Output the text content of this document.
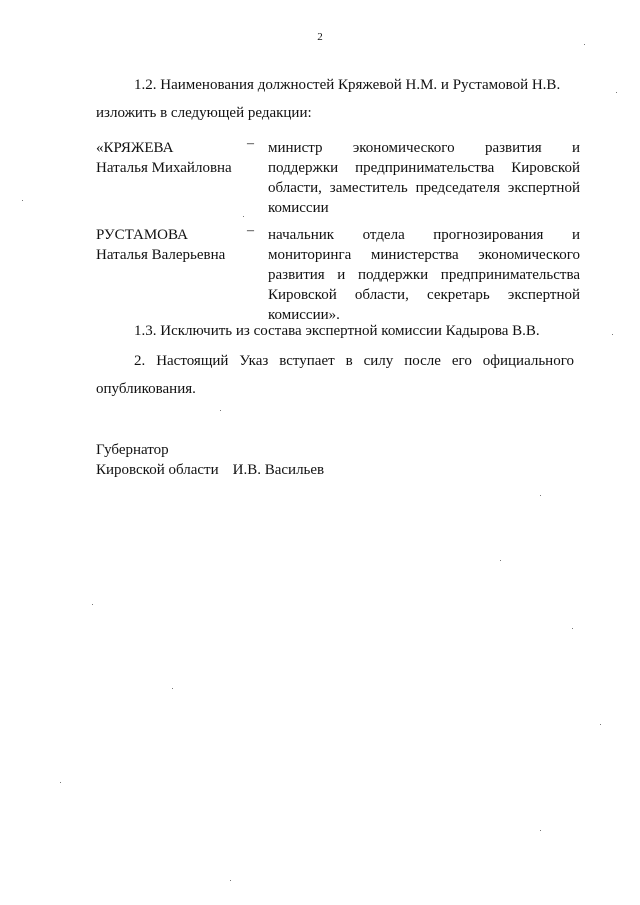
2
1.2. Наименования должностей Кряжевой Н.М. и Рустамовой Н.В.
изложить в следующей редакции:
«КРЯЖЕВА
Наталья Михайловна
– министр экономического развития и
поддержки предпринимательства Кировской
области, заместитель председателя экспертной
комиссии
РУСТАМОВА
Наталья Валерьевна
– начальник отдела прогнозирования и
мониторинга министерства экономического
развития и поддержки предпринимательства
Кировской области, секретарь экспертной
комиссии».
1.3. Исключить из состава экспертной комиссии Кадырова В.В.
2. Настоящий Указ вступает в силу после его официального
опубликования.
Губернатор
Кировской области И.В. Васильев
